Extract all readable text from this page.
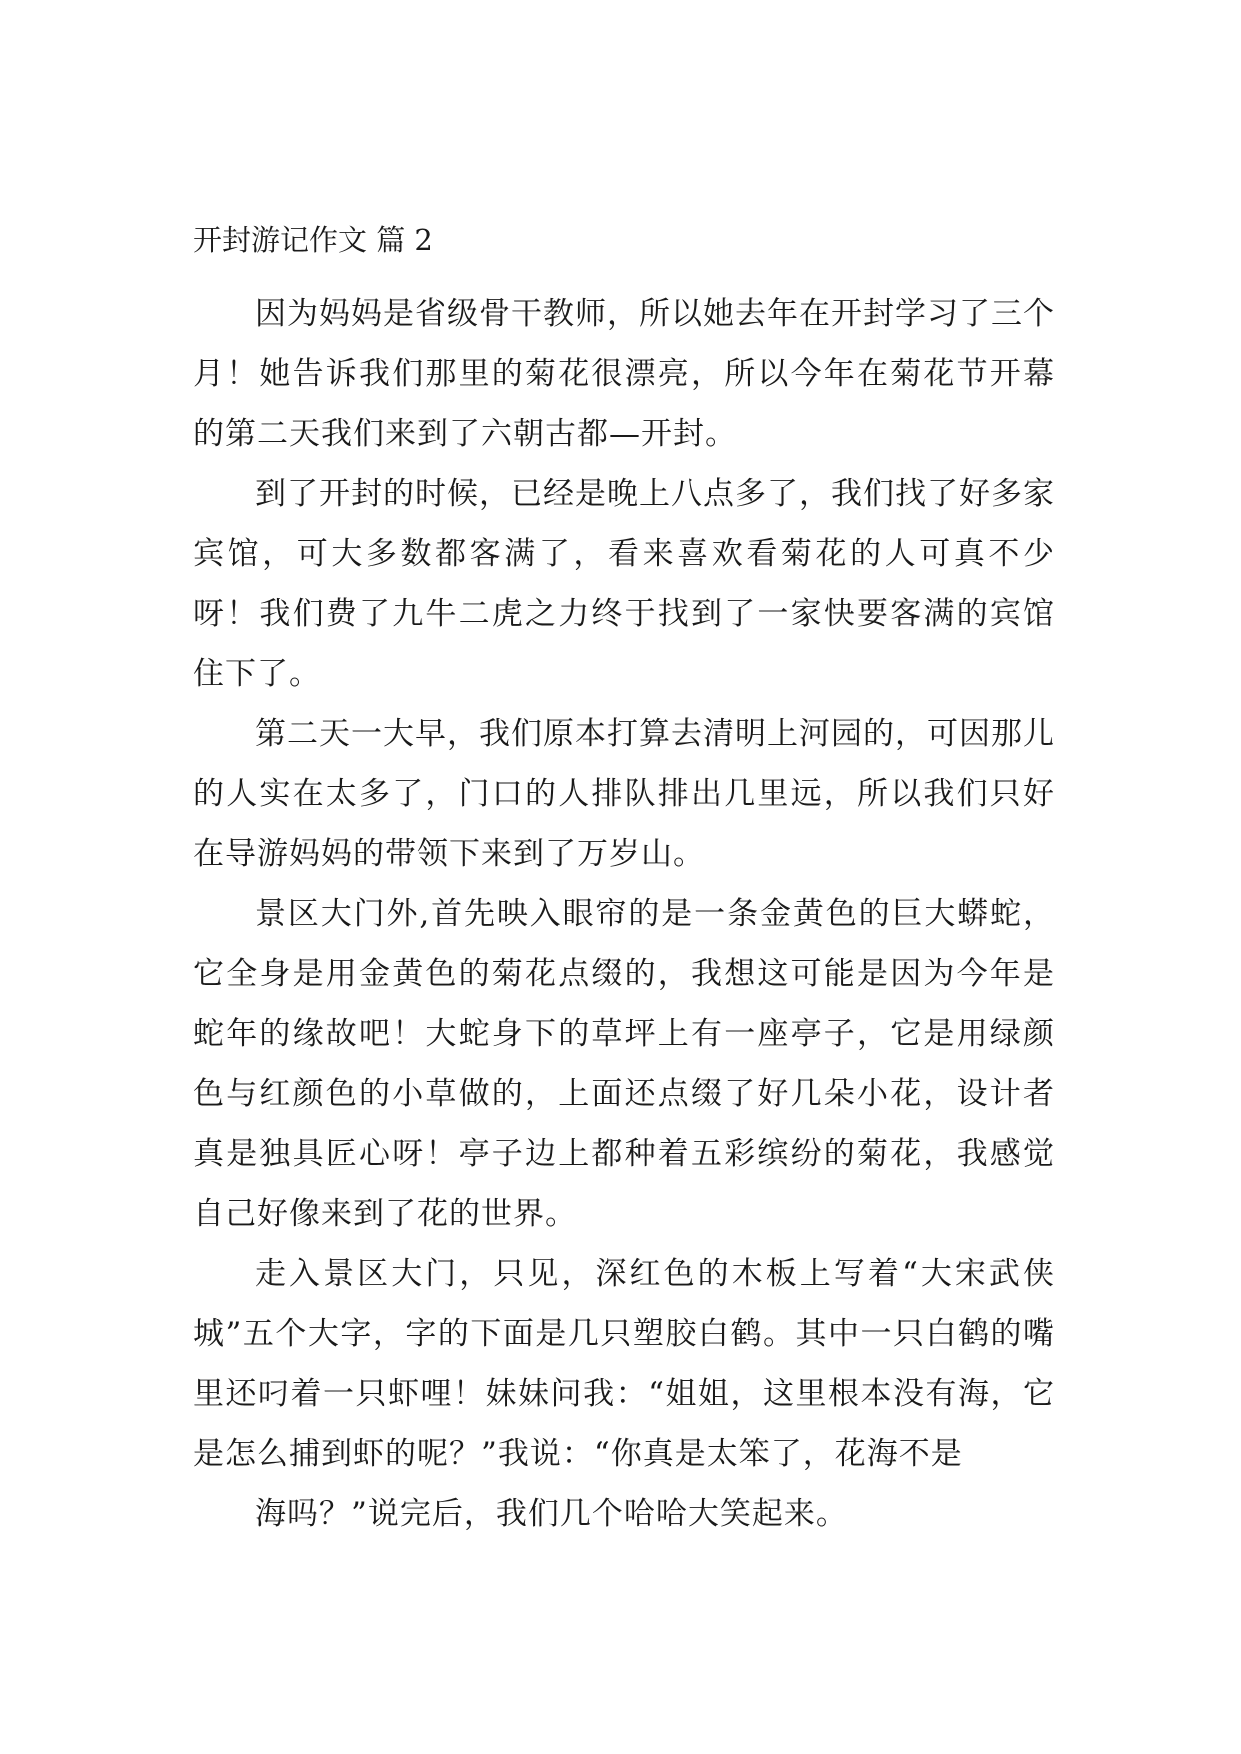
开封游记作文 篇 2

因为妈妈是省级骨干教师，所以她去年在开封学习了三个月！她告诉我们那里的菊花很漂亮，所以今年在菊花节开幕的第二天我们来到了六朝古都—开封。

到了开封的时候，已经是晚上八点多了，我们找了好多家宾馆，可大多数都客满了，看来喜欢看菊花的人可真不少呀！我们费了九牛二虎之力终于找到了一家快要客满的宾馆住下了。

第二天一大早，我们原本打算去清明上河园的，可因那儿的人实在太多了，门口的人排队排出几里远，所以我们只好在导游妈妈的带领下来到了万岁山。

景区大门外,首先映入眼帘的是一条金黄色的巨大蟒蛇，它全身是用金黄色的菊花点缀的，我想这可能是因为今年是蛇年的缘故吧！大蛇身下的草坪上有一座亭子，它是用绿颜色与红颜色的小草做的，上面还点缀了好几朵小花，设计者真是独具匠心呀！亭子边上都种着五彩缤纷的菊花，我感觉自己好像来到了花的世界。

走入景区大门，只见，深红色的木板上写着“大宋武侠城”五个大字，字的下面是几只塑胶白鹤。其中一只白鹤的嘴里还叼着一只虾哩！妹妹问我：“姐姐，这里根本没有海，它是怎么捕到虾的呢？”我说：“你真是太笨了，花海不是

海吗？”说完后，我们几个哈哈大笑起来。
